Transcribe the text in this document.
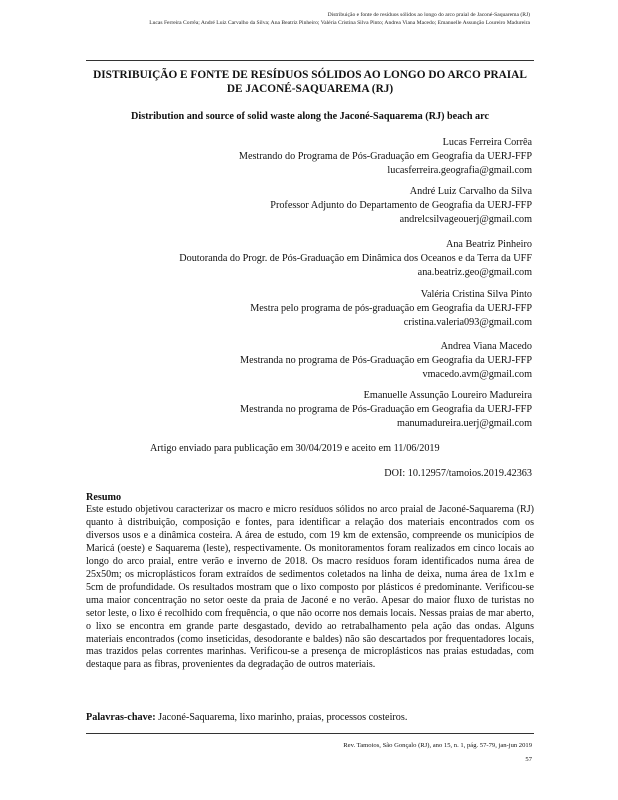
Distribuição e fonte de resíduos sólidos ao longo do arco praial de Jaconé-Saquarema (RJ)
Lucas Ferreira Corrêa; André Luiz Carvalho da Silva; Ana Beatriz Pinheiro; Valéria Cristina Silva Pinto; Andrea Viana Macedo; Emanuelle Assunção Loureiro Madureira
DISTRIBUIÇÃO E FONTE DE RESÍDUOS SÓLIDOS AO LONGO DO ARCO PRAIAL DE JACONÉ-SAQUAREMA (RJ)
Distribution and source of solid waste along the Jaconé-Saquarema (RJ) beach arc
Lucas Ferreira Corrêa
Mestrando do Programa de Pós-Graduação em Geografia da UERJ-FFP
lucasferreira.geografia@gmail.com
André Luiz Carvalho da Silva
Professor Adjunto do Departamento de Geografia da UERJ-FFP
andrelcsilvageouerj@gmail.com
Ana Beatriz Pinheiro
Doutoranda do Progr. de Pós-Graduação em Dinâmica dos Oceanos e da Terra da UFF
ana.beatriz.geo@gmail.com
Valéria Cristina Silva Pinto
Mestra pelo programa de pós-graduação em Geografia da UERJ-FFP
cristina.valeria093@gmail.com
Andrea Viana Macedo
Mestranda no programa de Pós-Graduação em Geografia da UERJ-FFP
vmacedo.avm@gmail.com
Emanuelle Assunção Loureiro Madureira
Mestranda no programa de Pós-Graduação em Geografia da UERJ-FFP
manumadureira.uerj@gmail.com
Artigo enviado para publicação em 30/04/2019 e aceito em 11/06/2019
DOI: 10.12957/tamoios.2019.42363
Resumo
Este estudo objetivou caracterizar os macro e micro resíduos sólidos no arco praial de Jaconé-Saquarema (RJ) quanto à distribuição, composição e fontes, para identificar a relação dos materiais encontrados com os diversos usos e a dinâmica costeira. A área de estudo, com 19 km de extensão, compreende os municípios de Maricá (oeste) e Saquarema (leste), respectivamente. Os monitoramentos foram realizados em cinco locais ao longo do arco praial, entre verão e inverno de 2018. Os macro resíduos foram identificados numa área de 25x50m; os microplásticos foram extraídos de sedimentos coletados na linha de deixa, numa área de 1x1m e 5cm de profundidade. Os resultados mostram que o lixo composto por plásticos é predominante. Verificou-se uma maior concentração no setor oeste da praia de Jaconé e no verão. Apesar do maior fluxo de turistas no setor leste, o lixo é recolhido com frequência, o que não ocorre nos demais locais. Nessas praias de mar aberto, o lixo se encontra em grande parte desgastado, devido ao retrabalhamento pela ação das ondas. Alguns materiais encontrados (como inseticidas, desodorante e baldes) não são descartados por frequentadores locais, mas trazidos pelas correntes marinhas. Verificou-se a presença de microplásticos nas praias estudadas, com destaque para as fibras, provenientes da degradação de outros materiais.
Palavras-chave: Jaconé-Saquarema, lixo marinho, praias, processos costeiros.
Rev. Tamoios, São Gonçalo (RJ), ano 15, n. 1, pág. 57-79, jan-jun 2019
57
